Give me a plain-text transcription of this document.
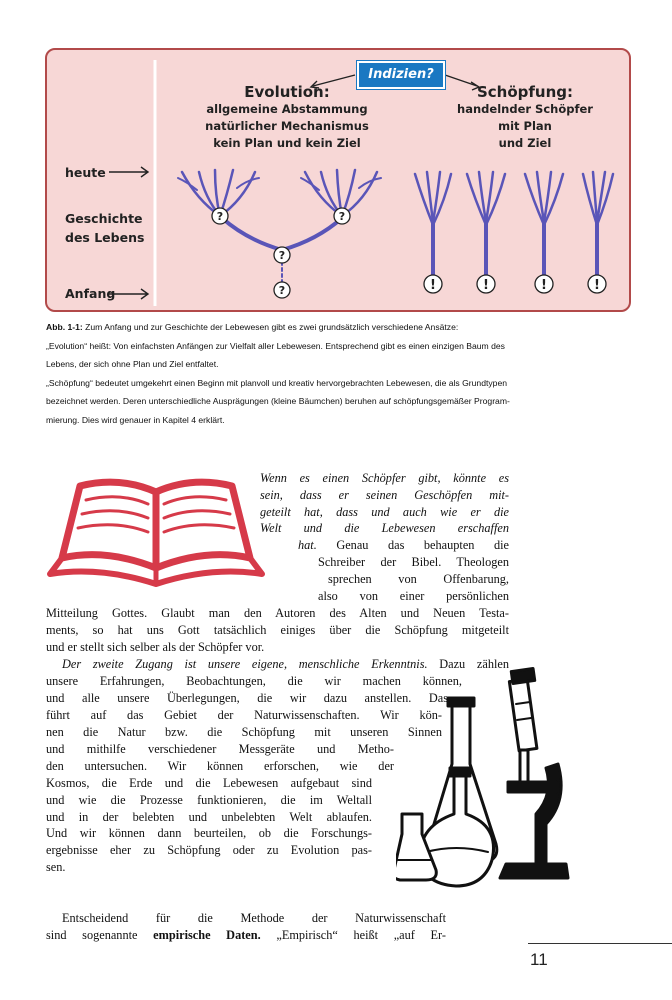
?	?
?
?	!	!	!	!
Indizien?
Evolution:
allgemeine Abstammung
natürlicher Mechanismus
kein Plan und kein Ziel
Schöpfung:
handelnder Schöpfer
mit Plan
und Ziel
heute
Geschichte
des Lebens
Anfang
Abb. 1-1: Zum Anfang und zur Geschichte der Lebewesen gibt es zwei grundsätzlich verschiedene Ansätze:
„Evolution“ heißt: Von einfachsten Anfängen zur Vielfalt aller Lebewesen. Entsprechend gibt es einen einzigen Baum des
Lebens, der sich ohne Plan und Ziel entfaltet.
„Schöpfung“ bedeutet umgekehrt einen Beginn mit planvoll und kreativ hervorgebrachten Lebewesen, die als Grundtypen
bezeichnet werden. Deren unterschiedliche Ausprägungen (kleine Bäumchen) beruhen auf schöpfungsgemäßer Program-
mierung. Dies wird genauer in Kapitel 4 erklärt.
Wenn es einen Schöpfer gibt, könnte es
sein, dass er seinen Geschöpfen mit-
geteilt hat, dass und auch wie er die
Welt und die Lebewesen erschaffen
hat. Genau das behaupten die
Schreiber der Bibel. Theologen
sprechen von Offenbarung,
also von einer persönlichen
Mitteilung Gottes. Glaubt man den Autoren des Alten und Neuen Testa-
ments, so hat uns Gott tatsächlich einiges über die Schöpfung mitgeteilt
und er stellt sich selber als der Schöpfer vor.
Der zweite Zugang ist unsere eigene, menschliche Erkenntnis. Dazu zählen
unsere Erfahrungen, Beobachtungen, die wir machen können,
und alle unsere Überlegungen, die wir dazu anstellen. Das
führt auf das Gebiet der Naturwissenschaften. Wir kön-
nen die Natur bzw. die Schöpfung mit unseren Sinnen
und mithilfe verschiedener Messgeräte und Metho-
den untersuchen. Wir können erforschen, wie der
Kosmos, die Erde und die Lebewesen aufgebaut sind
und wie die Prozesse funktionieren, die im Weltall
und in der belebten und unbelebten Welt ablaufen.
Und wir können dann beurteilen, ob die Forschungs-
ergebnisse eher zu Schöpfung oder zu Evolution pas-
sen.
Entscheidend für die Methode der Naturwissenschaft
sind sogenannte empirische Daten. „Empirisch“ heißt „auf Er-
11
